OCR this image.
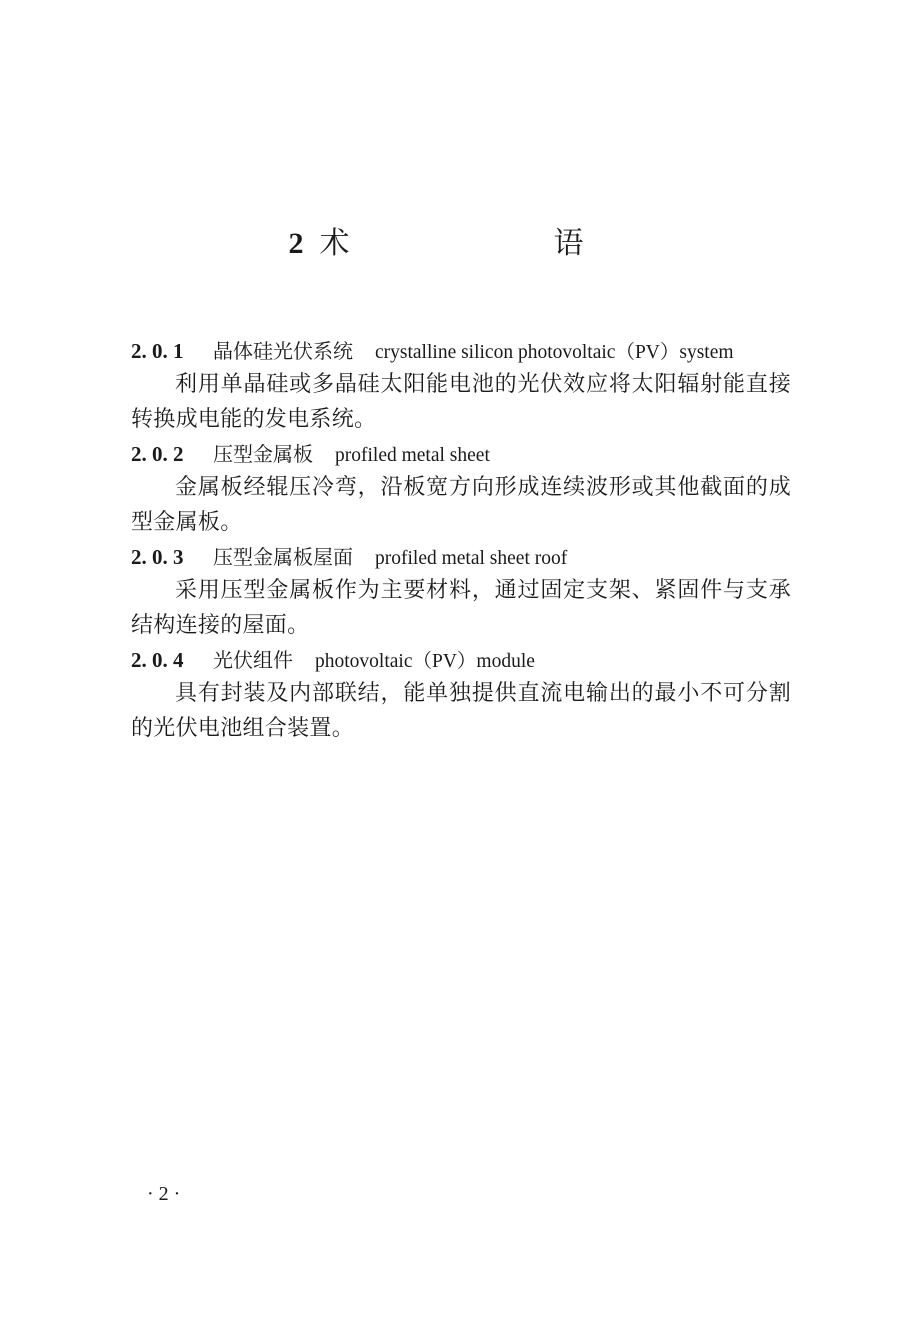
2 术　　语
2. 0. 1	晶体硅光伏系统 crystalline silicon photovoltaic（PV）system

利用单晶硅或多晶硅太阳能电池的光伏效应将太阳辐射能直接转换成电能的发电系统。

2. 0. 2	压型金属板 profiled metal sheet

金属板经辊压冷弯，沿板宽方向形成连续波形或其他截面的成型金属板。

2. 0. 3	压型金属板屋面 profiled metal sheet roof

采用压型金属板作为主要材料，通过固定支架、紧固件与支承结构连接的屋面。

2. 0. 4	光伏组件 photovoltaic（PV）module

具有封装及内部联结，能单独提供直流电输出的最小不可分割的光伏电池组合装置。

· 2 ·
